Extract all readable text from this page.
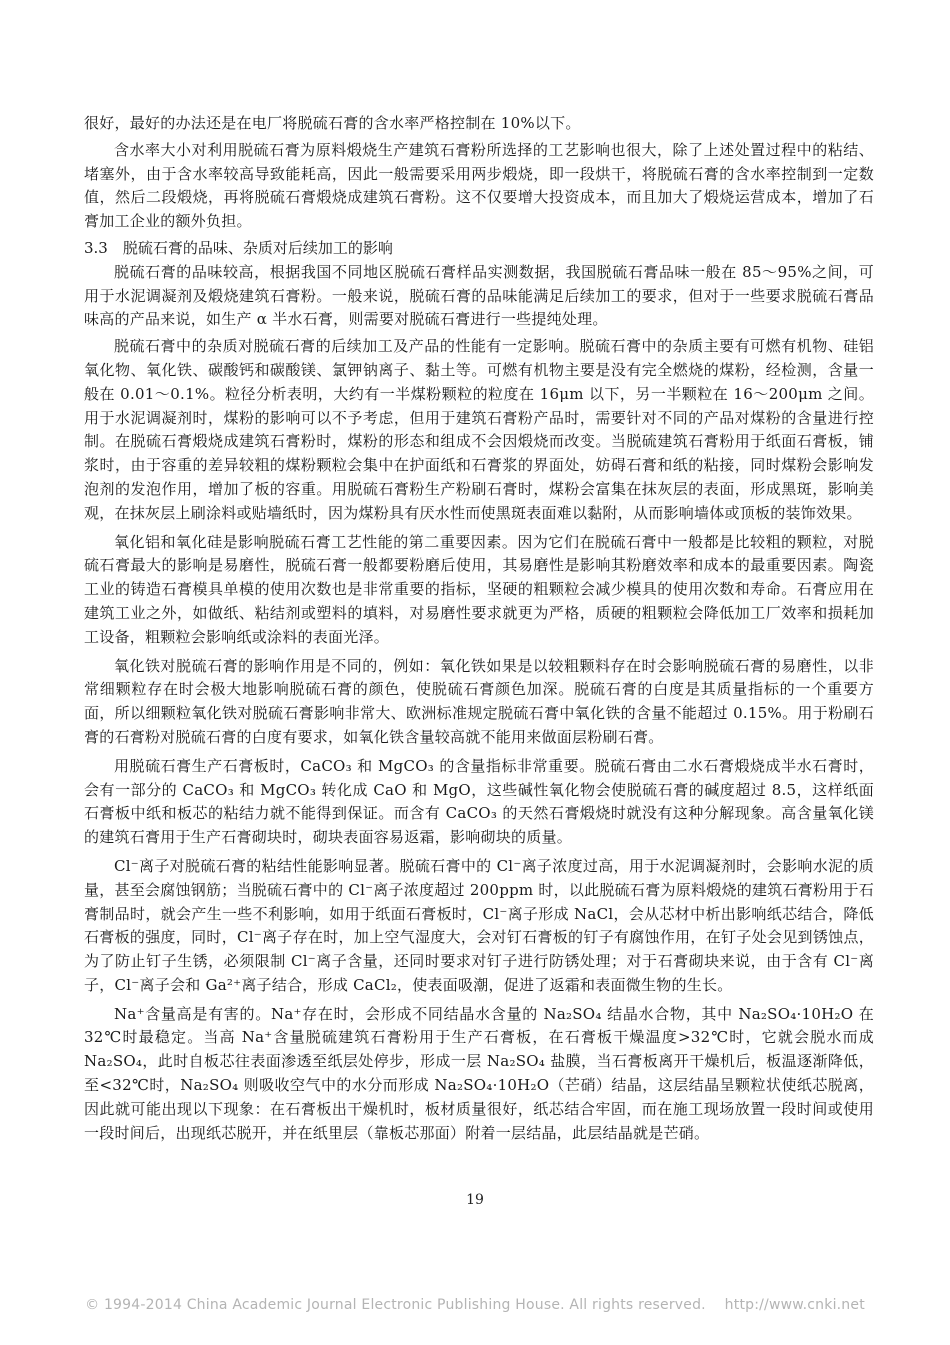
很好，最好的办法还是在电厂将脱硫石膏的含水率严格控制在 10%以下。

含水率大小对利用脱硫石膏为原料煅烧生产建筑石膏粉所选择的工艺影响也很大，除了上述处置过程中的粘结、堵塞外，由于含水率较高导致能耗高，因此一般需要采用两步煅烧，即一段烘干，将脱硫石膏的含水率控制到一定数值，然后二段煅烧，再将脱硫石膏煅烧成建筑石膏粉。这不仅要增大投资成本，而且加大了煅烧运营成本，增加了石膏加工企业的额外负担。

3.3　脱硫石膏的品味、杂质对后续加工的影响

脱硫石膏的品味较高，根据我国不同地区脱硫石膏样品实测数据，我国脱硫石膏品味一般在 85～95%之间，可用于水泥调凝剂及煅烧建筑石膏粉。一般来说，脱硫石膏的品味能满足后续加工的要求，但对于一些要求脱硫石膏品味高的产品来说，如生产 α 半水石膏，则需要对脱硫石膏进行一些提纯处理。

脱硫石膏中的杂质对脱硫石膏的后续加工及产品的性能有一定影响。脱硫石膏中的杂质主要有可燃有机物、硅铝氧化物、氧化铁、碳酸钙和碳酸镁、氯钾钠离子、黏土等。可燃有机物主要是没有完全燃烧的煤粉，经检测，含量一般在 0.01～0.1%。粒径分析表明，大约有一半煤粉颗粒的粒度在 16μm 以下，另一半颗粒在 16～200μm 之间。用于水泥调凝剂时，煤粉的影响可以不予考虑，但用于建筑石膏粉产品时，需要针对不同的产品对煤粉的含量进行控制。在脱硫石膏煅烧成建筑石膏粉时，煤粉的形态和组成不会因煅烧而改变。当脱硫建筑石膏粉用于纸面石膏板，铺浆时，由于容重的差异较粗的煤粉颗粒会集中在护面纸和石膏浆的界面处，妨碍石膏和纸的粘接，同时煤粉会影响发泡剂的发泡作用，增加了板的容重。用脱硫石膏粉生产粉刷石膏时，煤粉会富集在抹灰层的表面，形成黑斑，影响美观，在抹灰层上刷涂料或贴墙纸时，因为煤粉具有厌水性而使黑斑表面难以黏附，从而影响墙体或顶板的装饰效果。

氧化铝和氧化硅是影响脱硫石膏工艺性能的第二重要因素。因为它们在脱硫石膏中一般都是比较粗的颗粒，对脱硫石膏最大的影响是易磨性，脱硫石膏一般都要粉磨后使用，其易磨性是影响其粉磨效率和成本的最重要因素。陶瓷工业的铸造石膏模具单模的使用次数也是非常重要的指标，坚硬的粗颗粒会减少模具的使用次数和寿命。石膏应用在建筑工业之外，如做纸、粘结剂或塑料的填料，对易磨性要求就更为严格，质硬的粗颗粒会降低加工厂效率和损耗加工设备，粗颗粒会影响纸或涂料的表面光泽。

氧化铁对脱硫石膏的影响作用是不同的，例如：氧化铁如果是以较粗颗料存在时会影响脱硫石膏的易磨性，以非常细颗粒存在时会极大地影响脱硫石膏的颜色，使脱硫石膏颜色加深。脱硫石膏的白度是其质量指标的一个重要方面，所以细颗粒氧化铁对脱硫石膏影响非常大、欧洲标准规定脱硫石膏中氧化铁的含量不能超过 0.15%。用于粉刷石膏的石膏粉对脱硫石膏的白度有要求，如氧化铁含量较高就不能用来做面层粉刷石膏。

用脱硫石膏生产石膏板时，CaCO₃ 和 MgCO₃ 的含量指标非常重要。脱硫石膏由二水石膏煅烧成半水石膏时，会有一部分的 CaCO₃ 和 MgCO₃ 转化成 CaO 和 MgO，这些碱性氧化物会使脱硫石膏的碱度超过 8.5，这样纸面石膏板中纸和板芯的粘结力就不能得到保证。而含有 CaCO₃ 的天然石膏煅烧时就没有这种分解现象。高含量氧化镁的建筑石膏用于生产石膏砌块时，砌块表面容易返霜，影响砌块的质量。

Cl⁻离子对脱硫石膏的粘结性能影响显著。脱硫石膏中的 Cl⁻离子浓度过高，用于水泥调凝剂时，会影响水泥的质量，甚至会腐蚀钢筋；当脱硫石膏中的 Cl⁻离子浓度超过 200ppm 时，以此脱硫石膏为原料煅烧的建筑石膏粉用于石膏制品时，就会产生一些不利影响，如用于纸面石膏板时，Cl⁻离子形成 NaCl，会从芯材中析出影响纸芯结合，降低石膏板的强度，同时，Cl⁻离子存在时，加上空气湿度大，会对钉石膏板的钉子有腐蚀作用，在钉子处会见到锈蚀点，为了防止钉子生锈，必须限制 Cl⁻离子含量，还同时要求对钉子进行防锈处理；对于石膏砌块来说，由于含有 Cl⁻离子，Cl⁻离子会和 Ga²⁺离子结合，形成 CaCl₂，使表面吸潮，促进了返霜和表面微生物的生长。

Na⁺含量高是有害的。Na⁺存在时，会形成不同结晶水含量的 Na₂SO₄ 结晶水合物，其中 Na₂SO₄·10H₂O 在 32℃时最稳定。当高 Na⁺含量脱硫建筑石膏粉用于生产石膏板，在石膏板干燥温度>32℃时，它就会脱水而成 Na₂SO₄，此时自板芯往表面渗透至纸层处停步，形成一层 Na₂SO₄ 盐膜，当石膏板离开干燥机后，板温逐渐降低，至<32℃时，Na₂SO₄ 则吸收空气中的水分而形成 Na₂SO₄·10H₂O（芒硝）结晶，这层结晶呈颗粒状使纸芯脱离，因此就可能出现以下现象：在石膏板出干燥机时，板材质量很好，纸芯结合牢固，而在施工现场放置一段时间或使用一段时间后，出现纸芯脱开，并在纸里层（靠板芯那面）附着一层结晶，此层结晶就是芒硝。

19
© 1994-2014 China Academic Journal Electronic Publishing House. All rights reserved.　 http://www.cnki.net
